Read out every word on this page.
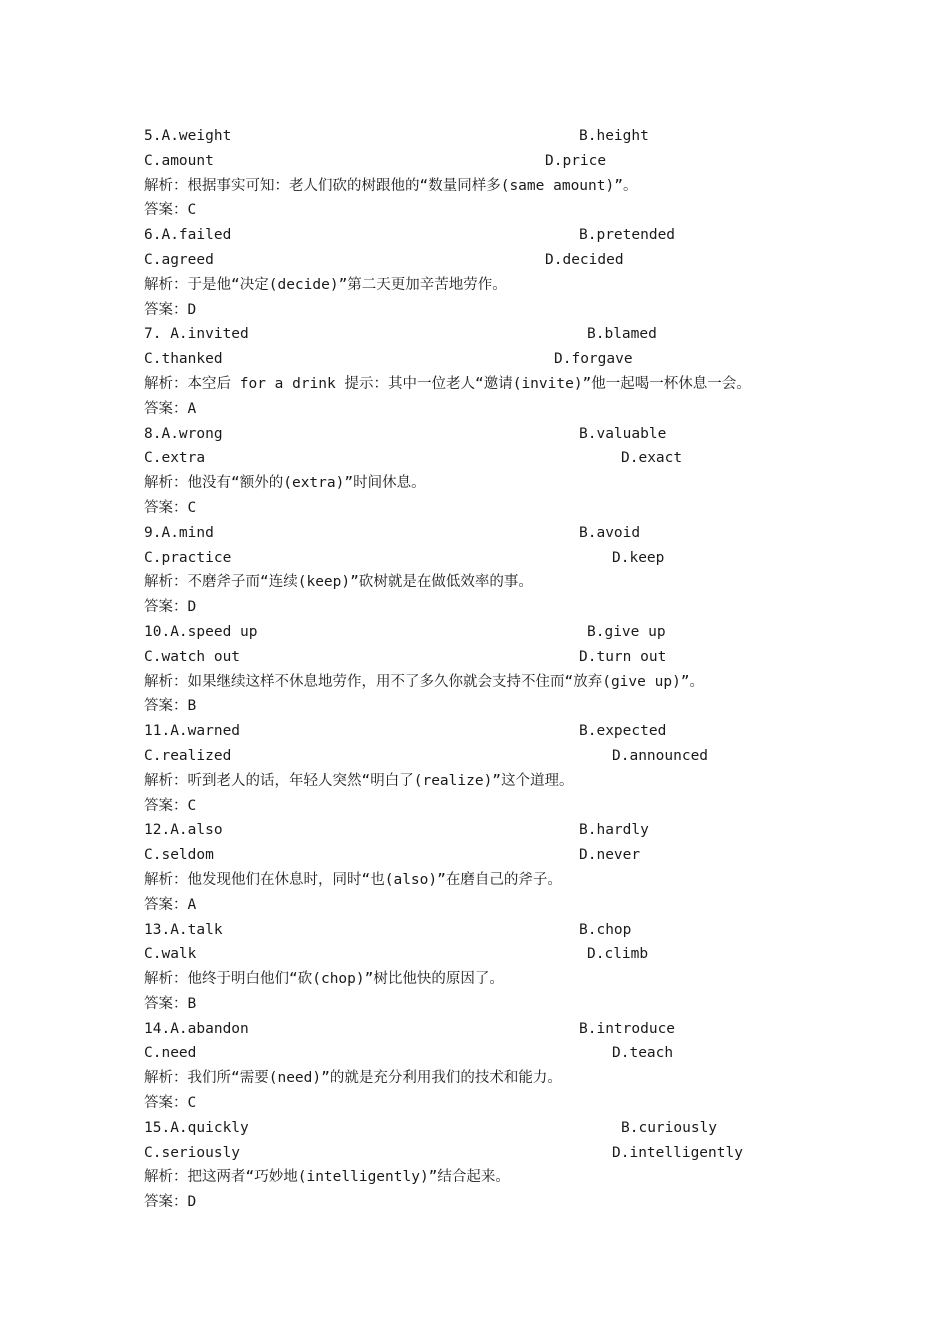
5.A.weight	B.height
C.amount	D.price
解析：根据事实可知：老人们砍的树跟他的“数量同样多(same amount)”。
答案：C
6.A.failed	B.pretended
C.agreed	D.decided
解析：于是他“决定(decide)”第二天更加辛苦地劳作。
答案：D
7. A.invited	B.blamed
C.thanked	D.forgave
解析：本空后 for a drink 提示：其中一位老人“邀请(invite)”他一起喝一杯休息一会。
答案：A
8.A.wrong	B.valuable
C.extra	D.exact
解析：他没有“额外的(extra)”时间休息。
答案：C
9.A.mind	B.avoid
C.practice	D.keep
解析：不磨斧子而“连续(keep)”砍树就是在做低效率的事。
答案：D
10.A.speed up	B.give up
C.watch out	D.turn out
解析：如果继续这样不休息地劳作，用不了多久你就会支持不住而“放弃(give up)”。
答案：B
11.A.warned	B.expected
C.realized	D.announced
解析：听到老人的话，年轻人突然“明白了(realize)”这个道理。
答案：C
12.A.also	B.hardly
C.seldom	D.never
解析：他发现他们在休息时，同时“也(also)”在磨自己的斧子。
答案：A
13.A.talk	B.chop
C.walk	D.climb
解析：他终于明白他们“砍(chop)”树比他快的原因了。
答案：B
14.A.abandon	B.introduce
C.need	D.teach
解析：我们所“需要(need)”的就是充分利用我们的技术和能力。
答案：C
15.A.quickly	B.curiously
C.seriously	D.intelligently
解析：把这两者“巧妙地(intelligently)”结合起来。
答案：D
